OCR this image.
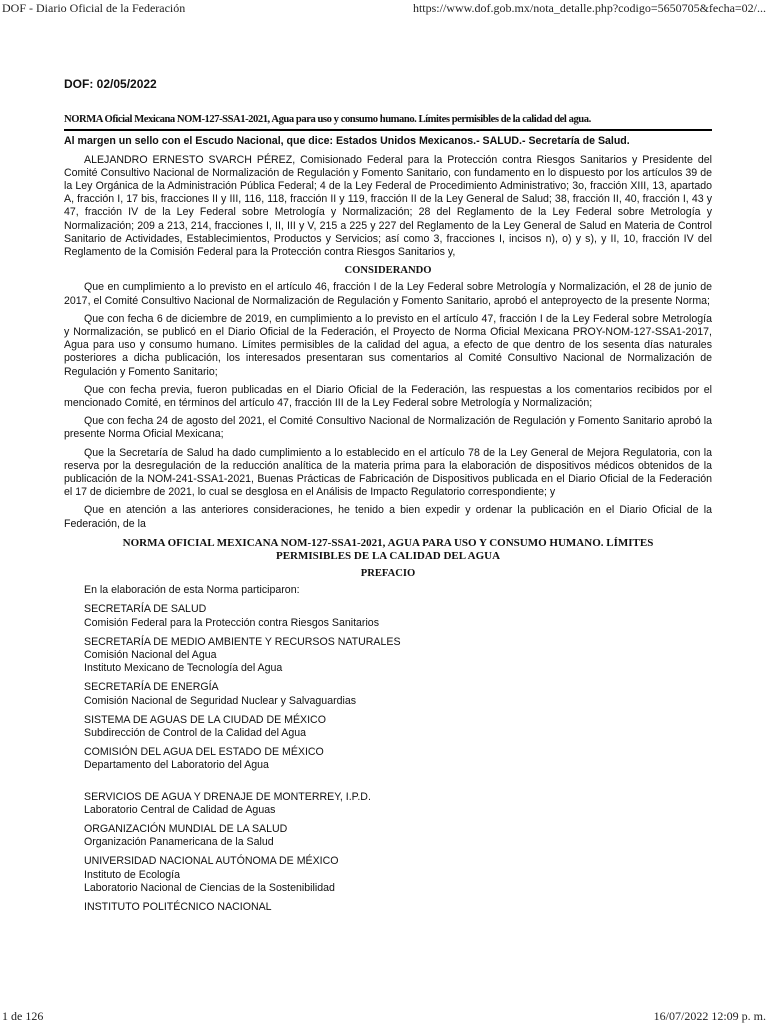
DOF - Diario Oficial de la Federación	https://www.dof.gob.mx/nota_detalle.php?codigo=5650705&fecha=02/...
DOF: 02/05/2022
NORMA Oficial Mexicana NOM-127-SSA1-2021, Agua para uso y consumo humano. Límites permisibles de la calidad del agua.
Al margen un sello con el Escudo Nacional, que dice: Estados Unidos Mexicanos.- SALUD.- Secretaría de Salud.

ALEJANDRO ERNESTO SVARCH PÉREZ, Comisionado Federal para la Protección contra Riesgos Sanitarios y Presidente del Comité Consultivo Nacional de Normalización de Regulación y Fomento Sanitario, con fundamento en lo dispuesto por los artículos 39 de la Ley Orgánica de la Administración Pública Federal; 4 de la Ley Federal de Procedimiento Administrativo; 3o, fracción XIII, 13, apartado A, fracción I, 17 bis, fracciones II y III, 116, 118, fracción II y 119, fracción II de la Ley General de Salud; 38, fracción II, 40, fracción I, 43 y 47, fracción IV de la Ley Federal sobre Metrología y Normalización; 28 del Reglamento de la Ley Federal sobre Metrología y Normalización; 209 a 213, 214, fracciones I, II, III y V, 215 a 225 y 227 del Reglamento de la Ley General de Salud en Materia de Control Sanitario de Actividades, Establecimientos, Productos y Servicios; así como 3, fracciones I, incisos n), o) y s), y II, 10, fracción IV del Reglamento de la Comisión Federal para la Protección contra Riesgos Sanitarios y,

CONSIDERANDO

Que en cumplimiento a lo previsto en el artículo 46, fracción I de la Ley Federal sobre Metrología y Normalización, el 28 de junio de 2017, el Comité Consultivo Nacional de Normalización de Regulación y Fomento Sanitario, aprobó el anteproyecto de la presente Norma;

Que con fecha 6 de diciembre de 2019, en cumplimiento a lo previsto en el artículo 47, fracción I de la Ley Federal sobre Metrología y Normalización, se publicó en el Diario Oficial de la Federación, el Proyecto de Norma Oficial Mexicana PROY-NOM-127-SSA1-2017, Agua para uso y consumo humano. Límites permisibles de la calidad del agua, a efecto de que dentro de los sesenta días naturales posteriores a dicha publicación, los interesados presentaran sus comentarios al Comité Consultivo Nacional de Normalización de Regulación y Fomento Sanitario;

Que con fecha previa, fueron publicadas en el Diario Oficial de la Federación, las respuestas a los comentarios recibidos por el mencionado Comité, en términos del artículo 47, fracción III de la Ley Federal sobre Metrología y Normalización;

Que con fecha 24 de agosto del 2021, el Comité Consultivo Nacional de Normalización de Regulación y Fomento Sanitario aprobó la presente Norma Oficial Mexicana;

Que la Secretaría de Salud ha dado cumplimiento a lo establecido en el artículo 78 de la Ley General de Mejora Regulatoria, con la reserva por la desregulación de la reducción analítica de la materia prima para la elaboración de dispositivos médicos obtenidos de la publicación de la NOM-241-SSA1-2021, Buenas Prácticas de Fabricación de Dispositivos publicada en el Diario Oficial de la Federación el 17 de diciembre de 2021, lo cual se desglosa en el Análisis de Impacto Regulatorio correspondiente; y

Que en atención a las anteriores consideraciones, he tenido a bien expedir y ordenar la publicación en el Diario Oficial de la Federación, de la

NORMA OFICIAL MEXICANA NOM-127-SSA1-2021, AGUA PARA USO Y CONSUMO HUMANO. LÍMITES PERMISIBLES DE LA CALIDAD DEL AGUA
PREFACIO
En la elaboración de esta Norma participaron:
SECRETARÍA DE SALUD
Comisión Federal para la Protección contra Riesgos Sanitarios
SECRETARÍA DE MEDIO AMBIENTE Y RECURSOS NATURALES
Comisión Nacional del Agua
Instituto Mexicano de Tecnología del Agua
SECRETARÍA DE ENERGÍA
Comisión Nacional de Seguridad Nuclear y Salvaguardias
SISTEMA DE AGUAS DE LA CIUDAD DE MÉXICO
Subdirección de Control de la Calidad del Agua
COMISIÓN DEL AGUA DEL ESTADO DE MÉXICO
Departamento del Laboratorio del Agua
SERVICIOS DE AGUA Y DRENAJE DE MONTERREY, I.P.D.
Laboratorio Central de Calidad de Aguas
ORGANIZACIÓN MUNDIAL DE LA SALUD
Organización Panamericana de la Salud
UNIVERSIDAD NACIONAL AUTÓNOMA DE MÉXICO
Instituto de Ecología
Laboratorio Nacional de Ciencias de la Sostenibilidad
INSTITUTO POLITÉCNICO NACIONAL
1 de 126	16/07/2022 12:09 p. m.
